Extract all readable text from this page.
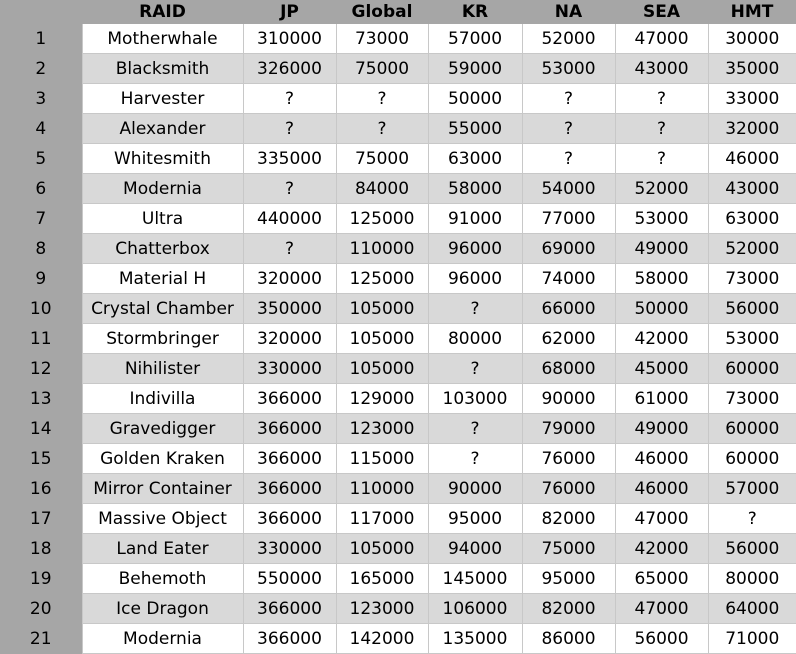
	RAID	JP	Global	KR	NA	SEA	HMT
1	Motherwhale	310000	73000	57000	52000	47000	30000
2	Blacksmith	326000	75000	59000	53000	43000	35000
3	Harvester	?	?	50000	?	?	33000
4	Alexander	?	?	55000	?	?	32000
5	Whitesmith	335000	75000	63000	?	?	46000
6	Modernia	?	84000	58000	54000	52000	43000
7	Ultra	440000	125000	91000	77000	53000	63000
8	Chatterbox	?	110000	96000	69000	49000	52000
9	Material H	320000	125000	96000	74000	58000	73000
10	Crystal Chamber	350000	105000	?	66000	50000	56000
11	Stormbringer	320000	105000	80000	62000	42000	53000
12	Nihilister	330000	105000	?	68000	45000	60000
13	Indivilla	366000	129000	103000	90000	61000	73000
14	Gravedigger	366000	123000	?	79000	49000	60000
15	Golden Kraken	366000	115000	?	76000	46000	60000
16	Mirror Container	366000	110000	90000	76000	46000	57000
17	Massive Object	366000	117000	95000	82000	47000	?
18	Land Eater	330000	105000	94000	75000	42000	56000
19	Behemoth	550000	165000	145000	95000	65000	80000
20	Ice Dragon	366000	123000	106000	82000	47000	64000
21	Modernia	366000	142000	135000	86000	56000	71000
